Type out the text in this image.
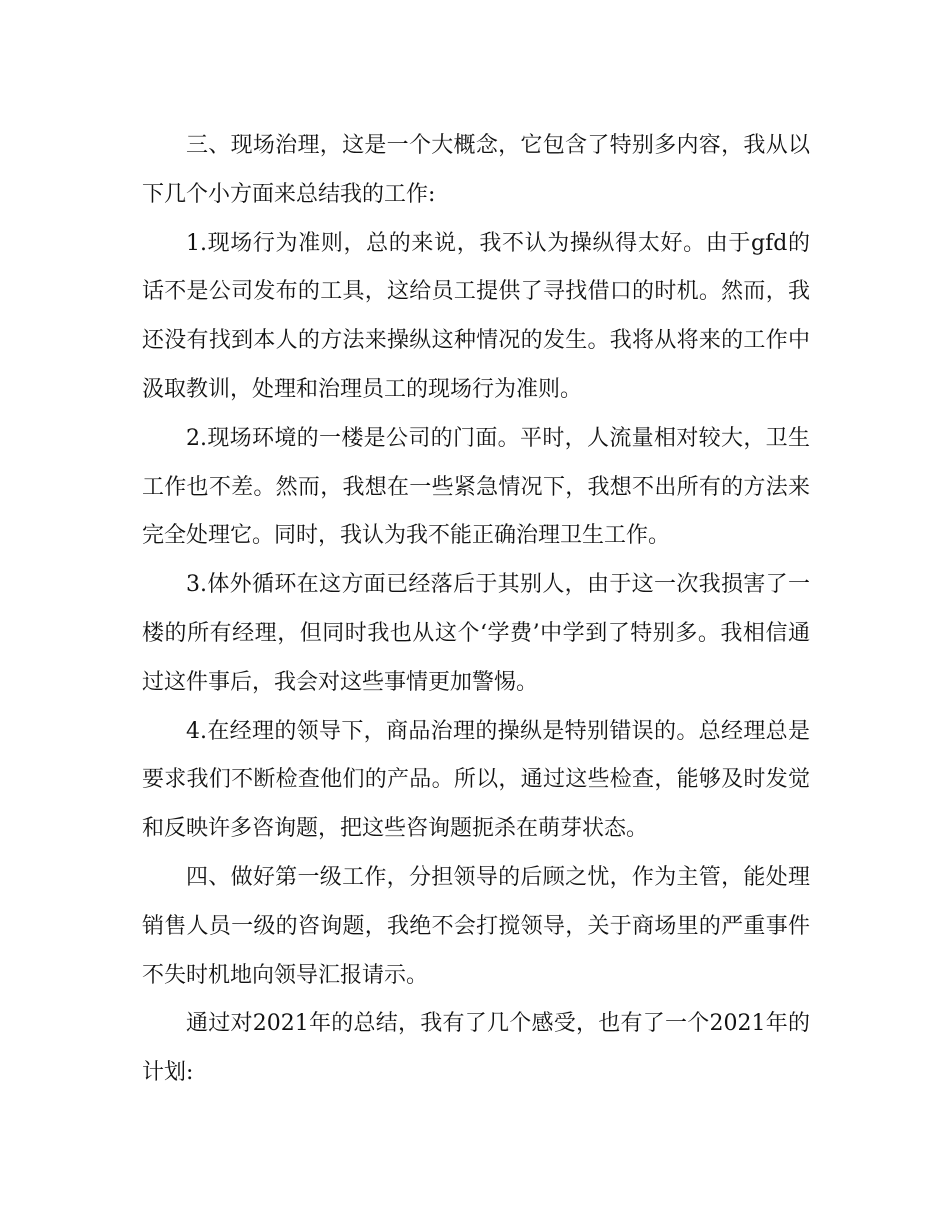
三、现场治理，这是一个大概念，它包含了特别多内容，我从以下几个小方面来总结我的工作:

1.现场行为准则，总的来说，我不认为操纵得太好。由于gfd的话不是公司发布的工具，这给员工提供了寻找借口的时机。然而，我还没有找到本人的方法来操纵这种情况的发生。我将从将来的工作中汲取教训，处理和治理员工的现场行为准则。

2.现场环境的一楼是公司的门面。平时，人流量相对较大，卫生工作也不差。然而，我想在一些紧急情况下，我想不出所有的方法来完全处理它。同时，我认为我不能正确治理卫生工作。

3.体外循环在这方面已经落后于其别人，由于这一次我损害了一楼的所有经理，但同时我也从这个‘学费’中学到了特别多。我相信通过这件事后，我会对这些事情更加警惕。

4.在经理的领导下，商品治理的操纵是特别错误的。总经理总是要求我们不断检查他们的产品。所以，通过这些检查，能够及时发觉和反映许多咨询题，把这些咨询题扼杀在萌芽状态。

四、做好第一级工作，分担领导的后顾之忧，作为主管，能处理销售人员一级的咨询题，我绝不会打搅领导，关于商场里的严重事件不失时机地向领导汇报请示。

通过对2021年的总结，我有了几个感受，也有了一个2021年的计划:
